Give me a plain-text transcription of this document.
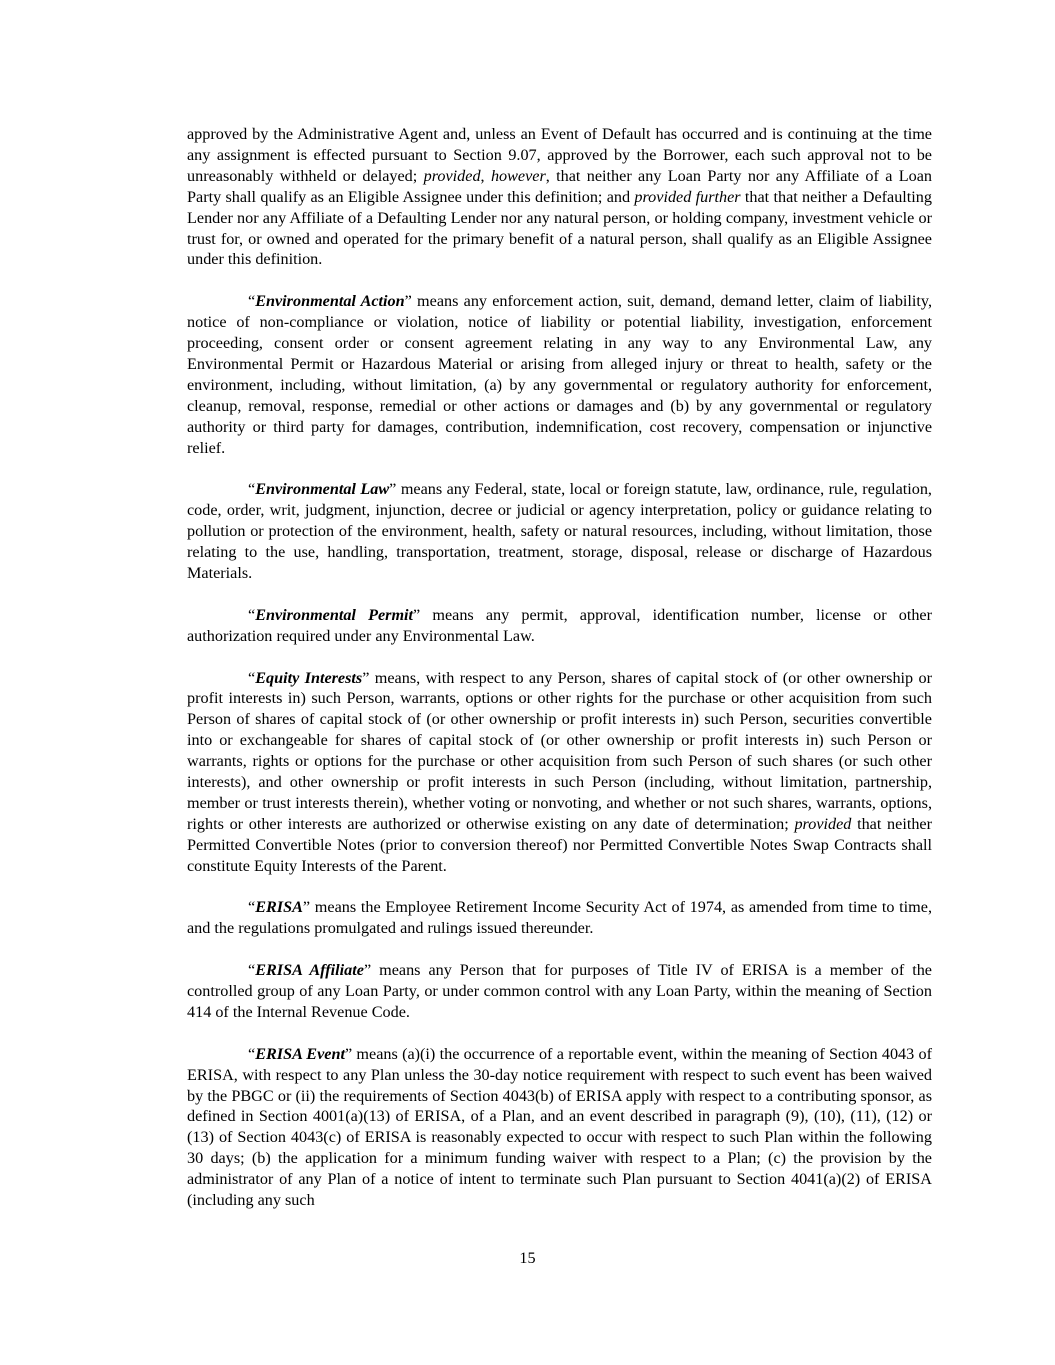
approved by the Administrative Agent and, unless an Event of Default has occurred and is continuing at the time any assignment is effected pursuant to Section 9.07, approved by the Borrower, each such approval not to be unreasonably withheld or delayed; provided, however, that neither any Loan Party nor any Affiliate of a Loan Party shall qualify as an Eligible Assignee under this definition; and provided further that that neither a Defaulting Lender nor any Affiliate of a Defaulting Lender nor any natural person, or holding company, investment vehicle or trust for, or owned and operated for the primary benefit of a natural person, shall qualify as an Eligible Assignee under this definition.

“Environmental Action” means any enforcement action, suit, demand, demand letter, claim of liability, notice of non-compliance or violation, notice of liability or potential liability, investigation, enforcement proceeding, consent order or consent agreement relating in any way to any Environmental Law, any Environmental Permit or Hazardous Material or arising from alleged injury or threat to health, safety or the environment, including, without limitation, (a) by any governmental or regulatory authority for enforcement, cleanup, removal, response, remedial or other actions or damages and (b) by any governmental or regulatory authority or third party for damages, contribution, indemnification, cost recovery, compensation or injunctive relief.

“Environmental Law” means any Federal, state, local or foreign statute, law, ordinance, rule, regulation, code, order, writ, judgment, injunction, decree or judicial or agency interpretation, policy or guidance relating to pollution or protection of the environment, health, safety or natural resources, including, without limitation, those relating to the use, handling, transportation, treatment, storage, disposal, release or discharge of Hazardous Materials.

“Environmental Permit” means any permit, approval, identification number, license or other authorization required under any Environmental Law.

“Equity Interests” means, with respect to any Person, shares of capital stock of (or other ownership or profit interests in) such Person, warrants, options or other rights for the purchase or other acquisition from such Person of shares of capital stock of (or other ownership or profit interests in) such Person, securities convertible into or exchangeable for shares of capital stock of (or other ownership or profit interests in) such Person or warrants, rights or options for the purchase or other acquisition from such Person of such shares (or such other interests), and other ownership or profit interests in such Person (including, without limitation, partnership, member or trust interests therein), whether voting or nonvoting, and whether or not such shares, warrants, options, rights or other interests are authorized or otherwise existing on any date of determination; provided that neither Permitted Convertible Notes (prior to conversion thereof) nor Permitted Convertible Notes Swap Contracts shall constitute Equity Interests of the Parent.

“ERISA” means the Employee Retirement Income Security Act of 1974, as amended from time to time, and the regulations promulgated and rulings issued thereunder.

“ERISA Affiliate” means any Person that for purposes of Title IV of ERISA is a member of the controlled group of any Loan Party, or under common control with any Loan Party, within the meaning of Section 414 of the Internal Revenue Code.

“ERISA Event” means (a)(i) the occurrence of a reportable event, within the meaning of Section 4043 of ERISA, with respect to any Plan unless the 30-day notice requirement with respect to such event has been waived by the PBGC or (ii) the requirements of Section 4043(b) of ERISA apply with respect to a contributing sponsor, as defined in Section 4001(a)(13) of ERISA, of a Plan, and an event described in paragraph (9), (10), (11), (12) or (13) of Section 4043(c) of ERISA is reasonably expected to occur with respect to such Plan within the following 30 days; (b) the application for a minimum funding waiver with respect to a Plan; (c) the provision by the administrator of any Plan of a notice of intent to terminate such Plan pursuant to Section 4041(a)(2) of ERISA (including any such

15
